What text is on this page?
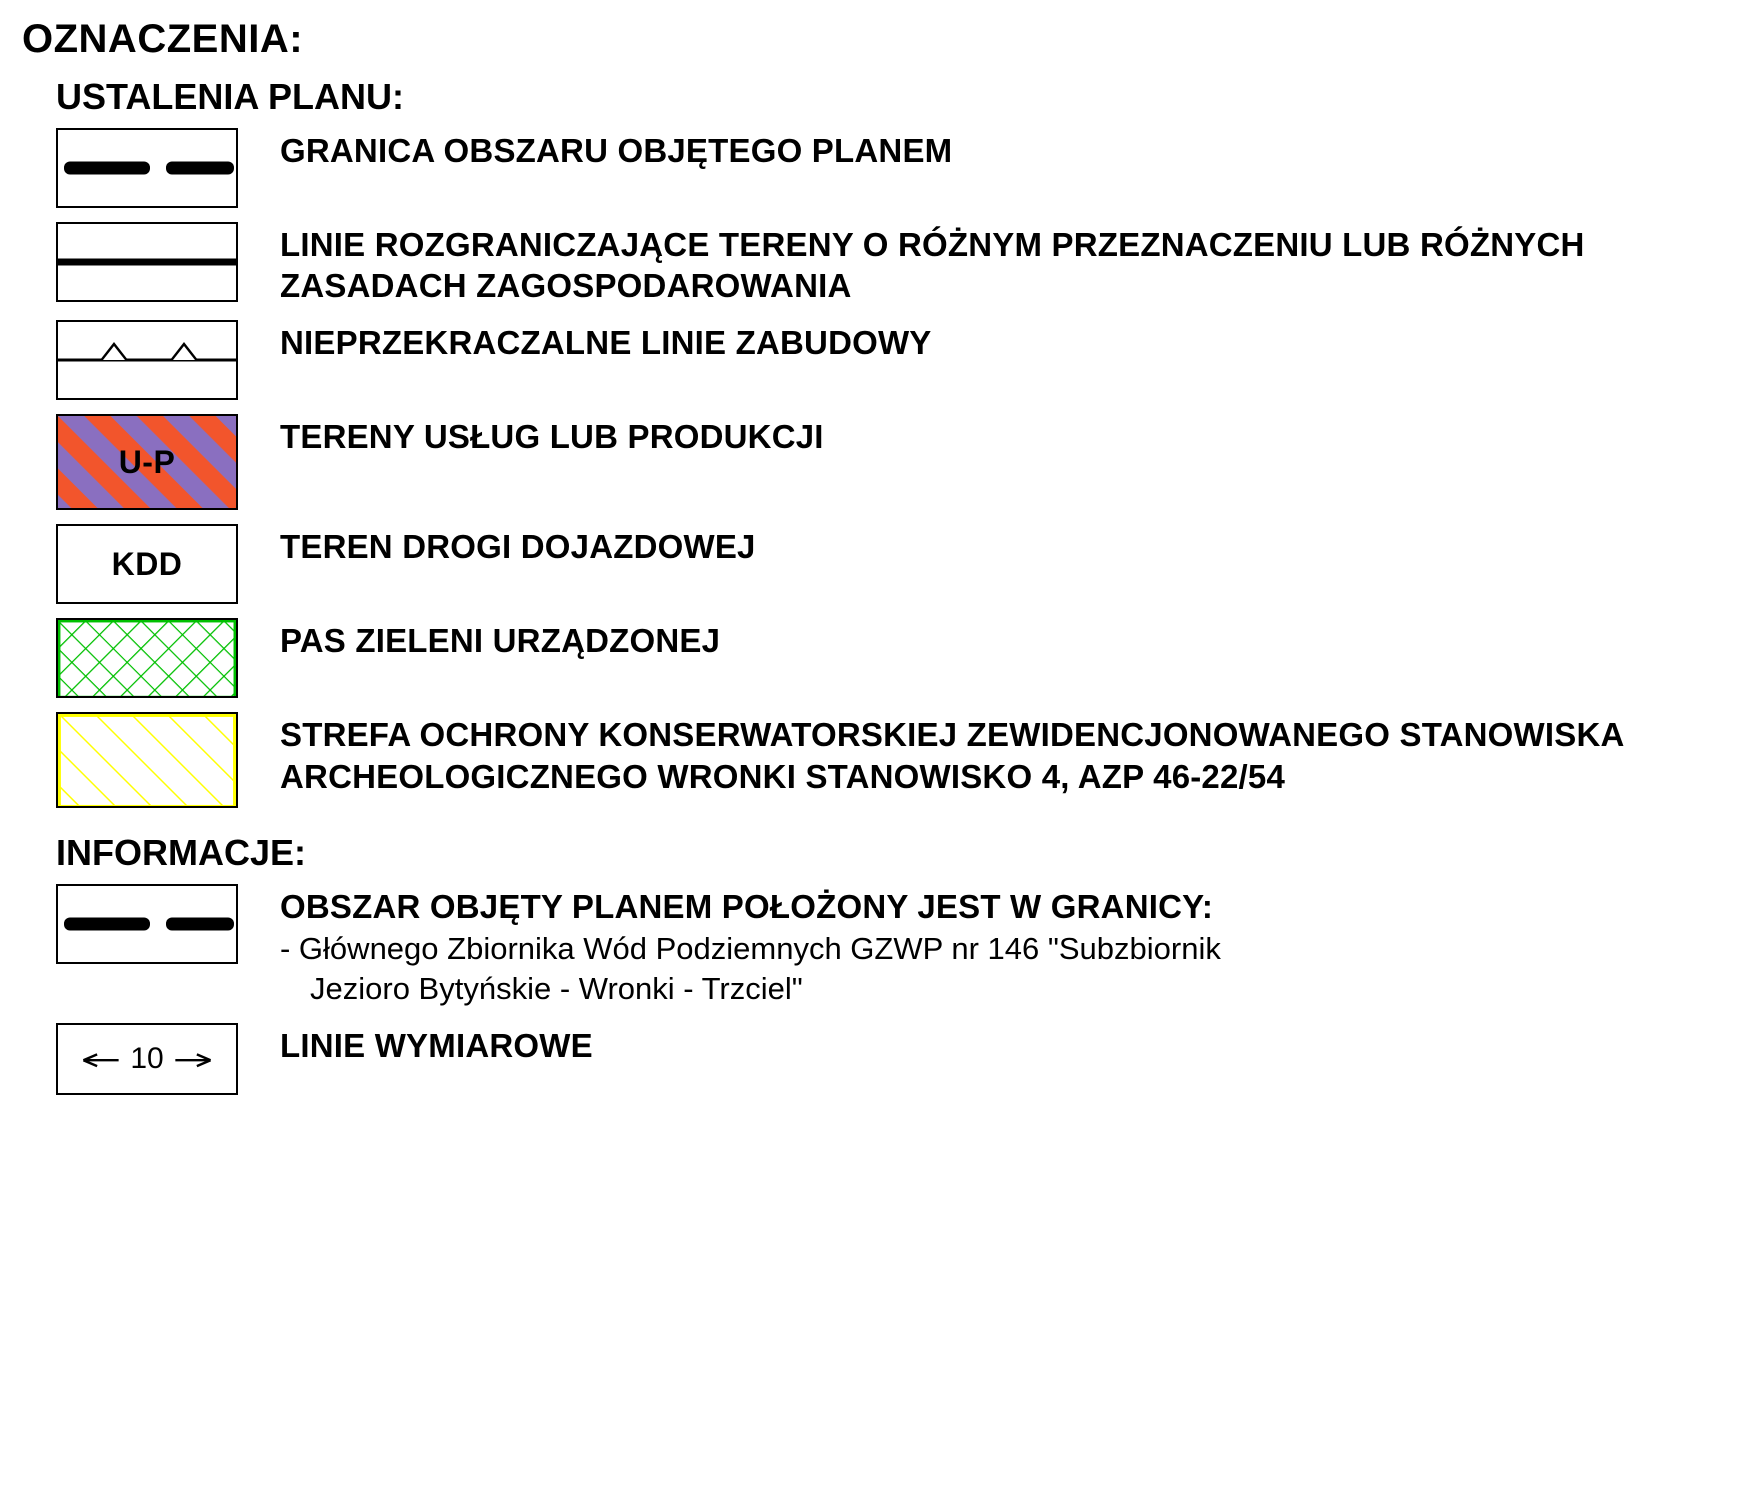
OZNACZENIA:
USTALENIA PLANU:
GRANICA OBSZARU OBJĘTEGO PLANEM
LINIE ROZGRANICZAJĄCE TERENY O RÓŻNYM PRZEZNACZENIU LUB RÓŻNYCH ZASADACH ZAGOSPODAROWANIA
NIEPRZEKRACZALNE LINIE ZABUDOWY
U-P
TERENY USŁUG LUB PRODUKCJI
KDD	TEREN DROGI DOJAZDOWEJ
PAS ZIELENI URZĄDZONEJ
STREFA OCHRONY KONSERWATORSKIEJ ZEWIDENCJONOWANEGO STANOWISKA ARCHEOLOGICZNEGO WRONKI STANOWISKO 4, AZP 46-22/54
INFORMACJE:
OBSZAR OBJĘTY PLANEM POŁOŻONY JEST W GRANICY:
- Głównego Zbiornika Wód Podziemnych GZWP nr 146 "Subzbiornik
Jezioro Bytyńskie - Wronki - Trzciel"
10	LINIE WYMIAROWE
